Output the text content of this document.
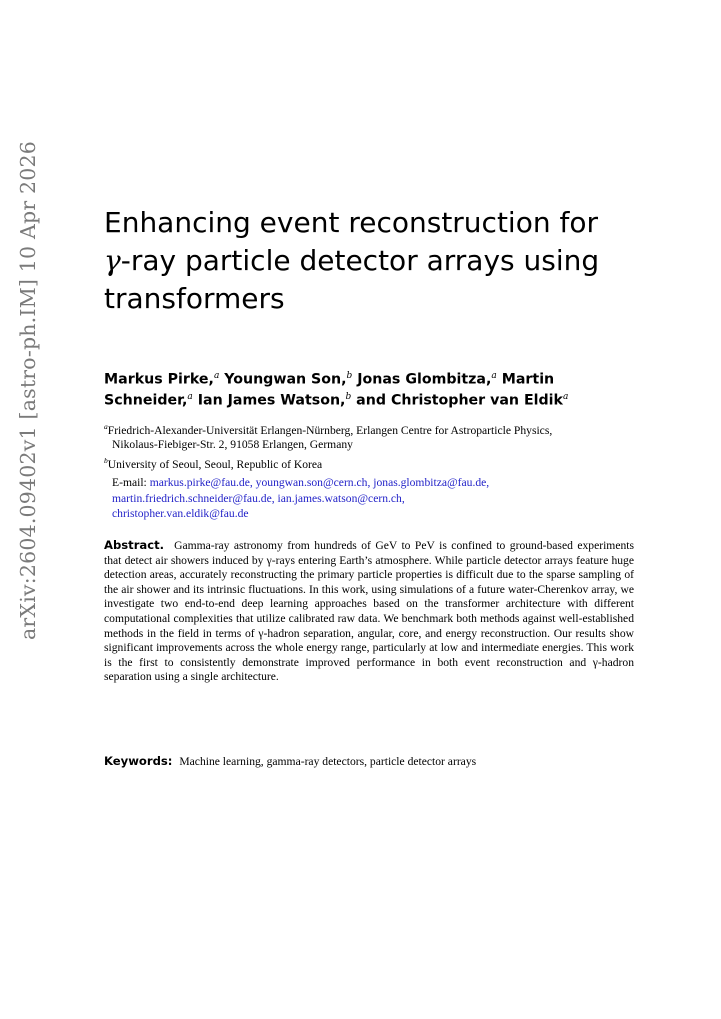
arXiv:2604.09402v1 [astro-ph.IM] 10 Apr 2026 Enhancing event reconstruction for
γ-ray particle detector arrays using
transformers
Markus Pirke,$^a$ Youngwan Son,$^b$ Jonas Glombitza,$^a$ Martin Schneider,$^a$ Ian James Watson,$^b$ and Christopher van Eldik$^a$
$^a$Friedrich-Alexander-Universität Erlangen-Nürnberg, Erlangen Centre for Astroparticle Physics,
Nikolaus-Fiebiger-Str. 2, 91058 Erlangen, Germany
$^b$University of Seoul, Seoul, Republic of Korea
E-mail: markus.pirke@fau.de, youngwan.son@cern.ch, jonas.glombitza@fau.de,
martin.friedrich.schneider@fau.de, ian.james.watson@cern.ch,
christopher.van.eldik@fau.de

Abstract. Gamma-ray astronomy from hundreds of GeV to PeV is confined to ground-based experiments that detect air showers induced by γ-rays entering Earth’s atmosphere. While particle detector arrays feature huge detection areas, accurately reconstructing the primary particle properties is difficult due to the sparse sampling of the air shower and its intrinsic fluctuations. In this work, using simulations of a future water-Cherenkov array, we investigate two end-to-end deep learning approaches based on the transformer architecture with different computational complexities that utilize calibrated raw data. We benchmark both methods against well-established methods in the field in terms of γ-hadron separation, angular, core, and energy reconstruction. Our results show significant improvements across the whole energy range, particularly at low and intermediate energies. This work is the first to consistently demonstrate improved performance in both event reconstruction and γ-hadron separation using a single architecture.

Keywords: Machine learning, gamma-ray detectors, particle detector arrays
